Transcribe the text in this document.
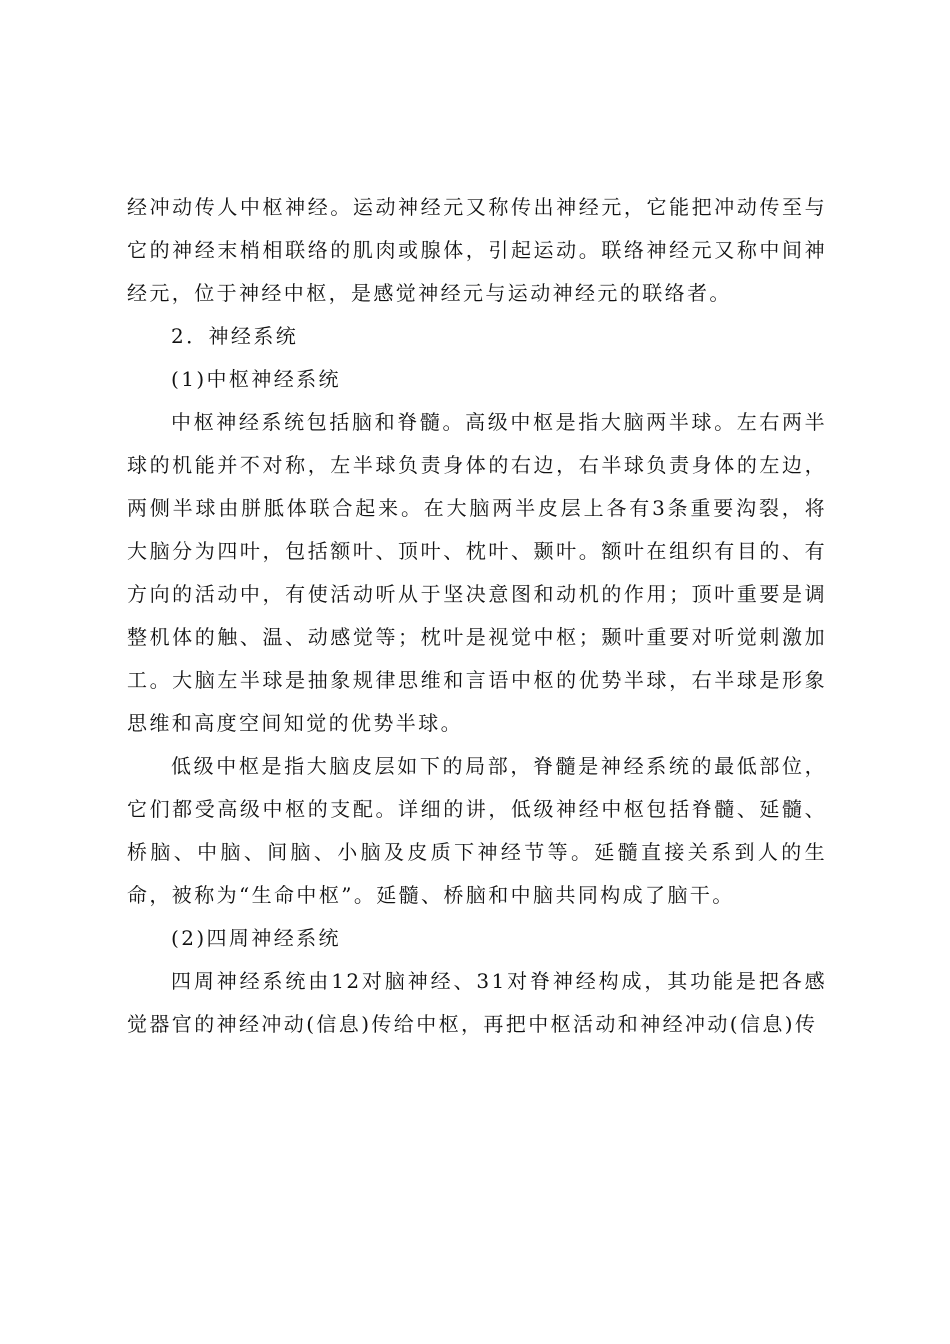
经冲动传人中枢神经。运动神经元又称传出神经元，它能把冲动传至与它的神经末梢相联络的肌肉或腺体，引起运动。联络神经元又称中间神经元，位于神经中枢，是感觉神经元与运动神经元的联络者。

2．神经系统

(1)中枢神经系统

中枢神经系统包括脑和脊髓。高级中枢是指大脑两半球。左右两半球的机能并不对称，左半球负责身体的右边，右半球负责身体的左边，两侧半球由胼胝体联合起来。在大脑两半皮层上各有3条重要沟裂，将大脑分为四叶，包括额叶、顶叶、枕叶、颞叶。额叶在组织有目的、有方向的活动中，有使活动听从于坚决意图和动机的作用；顶叶重要是调整机体的触、温、动感觉等；枕叶是视觉中枢；颞叶重要对听觉刺激加工。大脑左半球是抽象规律思维和言语中枢的优势半球，右半球是形象思维和高度空间知觉的优势半球。

低级中枢是指大脑皮层如下的局部，脊髓是神经系统的最低部位，它们都受高级中枢的支配。详细的讲，低级神经中枢包括脊髓、延髓、桥脑、中脑、间脑、小脑及皮质下神经节等。延髓直接关系到人的生命，被称为“生命中枢”。延髓、桥脑和中脑共同构成了脑干。

(2)四周神经系统

四周神经系统由12对脑神经、31对脊神经构成，其功能是把各感觉器官的神经冲动(信息)传给中枢，再把中枢活动和神经冲动(信息)传
